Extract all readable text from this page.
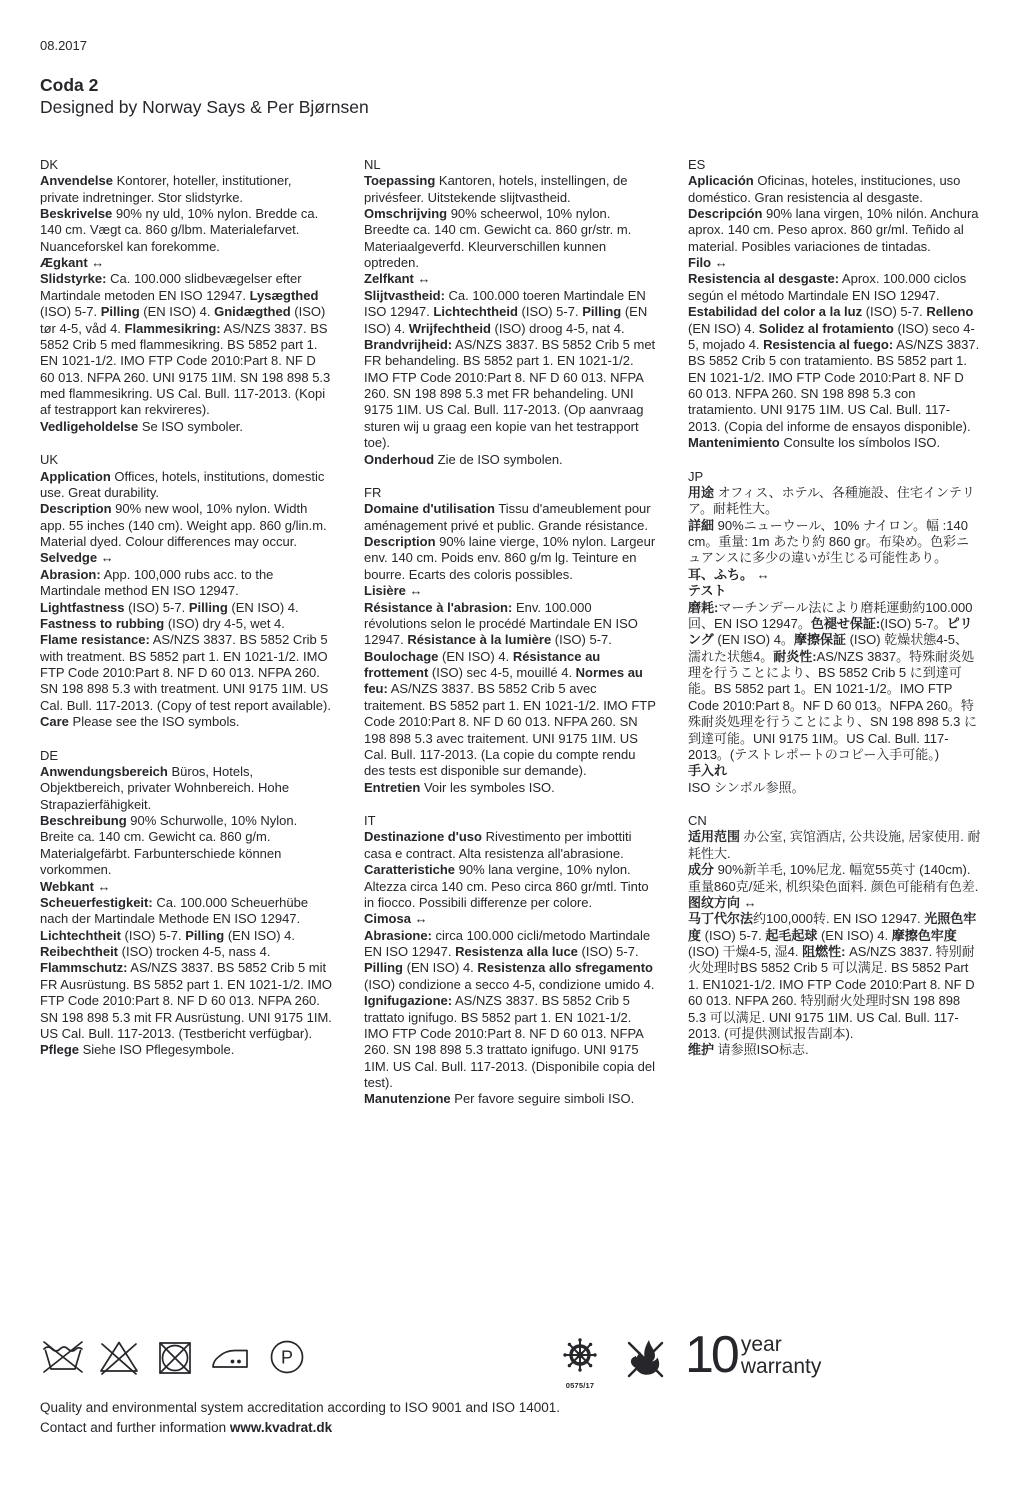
08.2017
Coda 2
Designed by Norway Says & Per Bjørnsen
DK

Anvendelse Kontorer, hoteller, institutioner, private indretninger. Stor slidstyrke.

Beskrivelse 90% ny uld, 10% nylon. Bredde ca. 140 cm. Vægt ca. 860 g/lbm. Materialefarvet. Nuanceforskel kan forekomme.

Ægkant ↔

Slidstyrke: Ca. 100.000 slidbevægelser efter Martindale metoden EN ISO 12947. Lysægthed (ISO) 5-7. Pilling (EN ISO) 4. Gnidægthed (ISO) tør 4-5, våd 4. Flammesikring: AS/NZS 3837. BS 5852 Crib 5 med flammesikring. BS 5852 part 1. EN 1021-1/2. IMO FTP Code 2010:Part 8. NF D 60 013. NFPA 260. UNI 9175 1IM. SN 198 898 5.3 med flammesikring. US Cal. Bull. 117-2013. (Kopi af testrapport kan rekvireres).

Vedligeholdelse Se ISO symboler.

UK

Application Offices, hotels, institutions, domestic use. Great durability.

Description 90% new wool, 10% nylon. Width app. 55 inches (140 cm). Weight app. 860 g/lin.m. Material dyed. Colour differences may occur.

Selvedge ↔

Abrasion: App. 100,000 rubs acc. to the Martindale method EN ISO 12947.

Lightfastness (ISO) 5-7. Pilling (EN ISO) 4.

Fastness to rubbing (ISO) dry 4-5, wet 4.

Flame resistance: AS/NZS 3837. BS 5852 Crib 5 with treatment. BS 5852 part 1. EN 1021-1/2. IMO FTP Code 2010:Part 8. NF D 60 013. NFPA 260. SN 198 898 5.3 with treatment. UNI 9175 1IM. US Cal. Bull. 117-2013. (Copy of test report available).

Care Please see the ISO symbols.

DE

Anwendungsbereich Büros, Hotels, Objektbereich, privater Wohnbereich. Hohe Strapazierfähigkeit.

Beschreibung 90% Schurwolle, 10% Nylon. Breite ca. 140 cm. Gewicht ca. 860 g/m. Materialgefärbt. Farbunterschiede können vorkommen.

Webkant ↔

Scheuerfestigkeit: Ca. 100.000 Scheuerhübe nach der Martindale Methode EN ISO 12947.

Lichtechtheit (ISO) 5-7. Pilling (EN ISO) 4.

Reibechtheit (ISO) trocken 4-5, nass 4.

Flammschutz: AS/NZS 3837. BS 5852 Crib 5 mit FR Ausrüstung. BS 5852 part 1. EN 1021-1/2. IMO FTP Code 2010:Part 8. NF D 60 013. NFPA 260. SN 198 898 5.3 mit FR Ausrüstung. UNI 9175 1IM. US Cal. Bull. 117-2013. (Testbericht verfügbar).

Pflege Siehe ISO Pflegesymbole.

NL

Toepassing Kantoren, hotels, instellingen, de privésfeer. Uitstekende slijtvastheid.

Omschrijving 90% scheerwol, 10% nylon. Breedte ca. 140 cm. Gewicht ca. 860 gr/str. m. Materiaalgeverfd. Kleurverschillen kunnen optreden.

Zelfkant ↔

Slijtvastheid: Ca. 100.000 toeren Martindale EN ISO 12947. Lichtechtheid (ISO) 5-7. Pilling (EN ISO) 4. Wrijfechtheid (ISO) droog 4-5, nat 4. Brandvrijheid: AS/NZS 3837. BS 5852 Crib 5 met FR behandeling. BS 5852 part 1. EN 1021-1/2. IMO FTP Code 2010:Part 8. NF D 60 013. NFPA 260. SN 198 898 5.3 met FR behandeling. UNI 9175 1IM. US Cal. Bull. 117-2013. (Op aanvraag sturen wij u graag een kopie van het testrapport toe).

Onderhoud Zie de ISO symbolen.

FR

Domaine d'utilisation Tissu d'ameublement pour aménagement privé et public. Grande résistance.

Description 90% laine vierge, 10% nylon. Largeur env. 140 cm. Poids env. 860 g/m lg. Teinture en bourre. Ecarts des coloris possibles.

Lisière ↔

Résistance à l'abrasion: Env. 100.000 révolutions selon le procédé Martindale EN ISO 12947. Résistance à la lumière (ISO) 5-7. Boulochage (EN ISO) 4. Résistance au frottement (ISO) sec 4-5, mouillé 4. Normes au feu: AS/NZS 3837. BS 5852 Crib 5 avec traitement. BS 5852 part 1. EN 1021-1/2. IMO FTP Code 2010:Part 8. NF D 60 013. NFPA 260. SN 198 898 5.3 avec traitement. UNI 9175 1IM. US Cal. Bull. 117-2013. (La copie du compte rendu des tests est disponible sur demande).

Entretien Voir les symboles ISO.

IT

Destinazione d'uso Rivestimento per imbottiti casa e contract. Alta resistenza all'abrasione.

Caratteristiche 90% lana vergine, 10% nylon. Altezza circa 140 cm. Peso circa 860 gr/mtl. Tinto in fiocco. Possibili differenze per colore.

Cimosa ↔

Abrasione: circa 100.000 cicli/metodo Martindale EN ISO 12947. Resistenza alla luce (ISO) 5-7. Pilling (EN ISO) 4. Resistenza allo sfregamento (ISO) condizione a secco 4-5, condizione umido 4. Ignifugazione: AS/NZS 3837. BS 5852 Crib 5 trattato ignifugo. BS 5852 part 1. EN 1021-1/2. IMO FTP Code 2010:Part 8. NF D 60 013. NFPA 260. SN 198 898 5.3 trattato ignifugo. UNI 9175 1IM. US Cal. Bull. 117-2013. (Disponibile copia del test).

Manutenzione Per favore seguire simboli ISO.

ES

Aplicación Oficinas, hoteles, instituciones, uso doméstico. Gran resistencia al desgaste.

Descripción 90% lana virgen, 10% nilón. Anchura aprox. 140 cm. Peso aprox. 860 gr/ml. Teñido al material. Posibles variaciones de tintadas.

Filo ↔

Resistencia al desgaste: Aprox. 100.000 ciclos según el método Martindale EN ISO 12947. Estabilidad del color a la luz (ISO) 5-7. Relleno (EN ISO) 4. Solidez al frotamiento (ISO) seco 4-5, mojado 4. Resistencia al fuego: AS/NZS 3837. BS 5852 Crib 5 con tratamiento. BS 5852 part 1. EN 1021-1/2. IMO FTP Code 2010:Part 8. NF D 60 013. NFPA 260. SN 198 898 5.3 con tratamiento. UNI 9175 1IM. US Cal. Bull. 117-2013. (Copia del informe de ensayos disponible).

Mantenimiento Consulte los símbolos ISO.

JP

用途 オフィス、ホテル、各種施設、住宅インテリア。耐耗性大。

詳細 90%ニューウール、10% ナイロン。幅 :140 cm。重量: 1m あたり約 860 gr。布染め。色彩ニュアンスに多少の違いが生じる可能性あり。

耳、ふち。 ↔

テスト

磨耗:マーチンデール法により磨耗運動約100.000回、EN ISO 12947。色褪せ保証:(ISO) 5-7。ピリング (EN ISO) 4。摩擦保証 (ISO) 乾燥状態4-5、濡れた状態4。耐炎性:AS/NZS 3837。特殊耐炎処理を行うことにより、BS 5852 Crib 5 に到達可能。BS 5852 part 1。EN 1021-1/2。IMO FTP Code 2010:Part 8。NF D 60 013。NFPA 260。特殊耐炎処理を行うことにより、SN 198 898 5.3 に到達可能。UNI 9175 1IM。US Cal. Bull. 117-2013。(テストレポートのコピー入手可能。)

手入れ

ISO シンボル参照。

CN

适用范围 办公室, 宾馆酒店, 公共设施, 居家使用. 耐耗性大.

成分 90%新羊毛, 10%尼龙. 幅宽55英寸 (140cm). 重量860克/延米, 机织染色面料. 颜色可能稍有色差.

图纹方向 ↔

马丁代尔法约100,000转. EN ISO 12947. 光照色牢度 (ISO) 5-7. 起毛起球 (EN ISO) 4. 摩擦色牢度 (ISO) 干燥4-5, 湿4. 阻燃性: AS/NZS 3837. 特别耐火处理时BS 5852 Crib 5 可以满足. BS 5852 Part 1. EN1021-1/2. IMO FTP Code 2010:Part 8. NF D 60 013. NFPA 260. 特别耐火处理时SN 198 898 5.3 可以满足. UNI 9175 1IM. US Cal. Bull. 117-2013. (可提供测试报告副本).

维护 请参照ISO标志.

P
0575/17
10 year
warranty
Quality and environmental system accreditation according to ISO 9001 and ISO 14001.
Contact and further information www.kvadrat.dk
